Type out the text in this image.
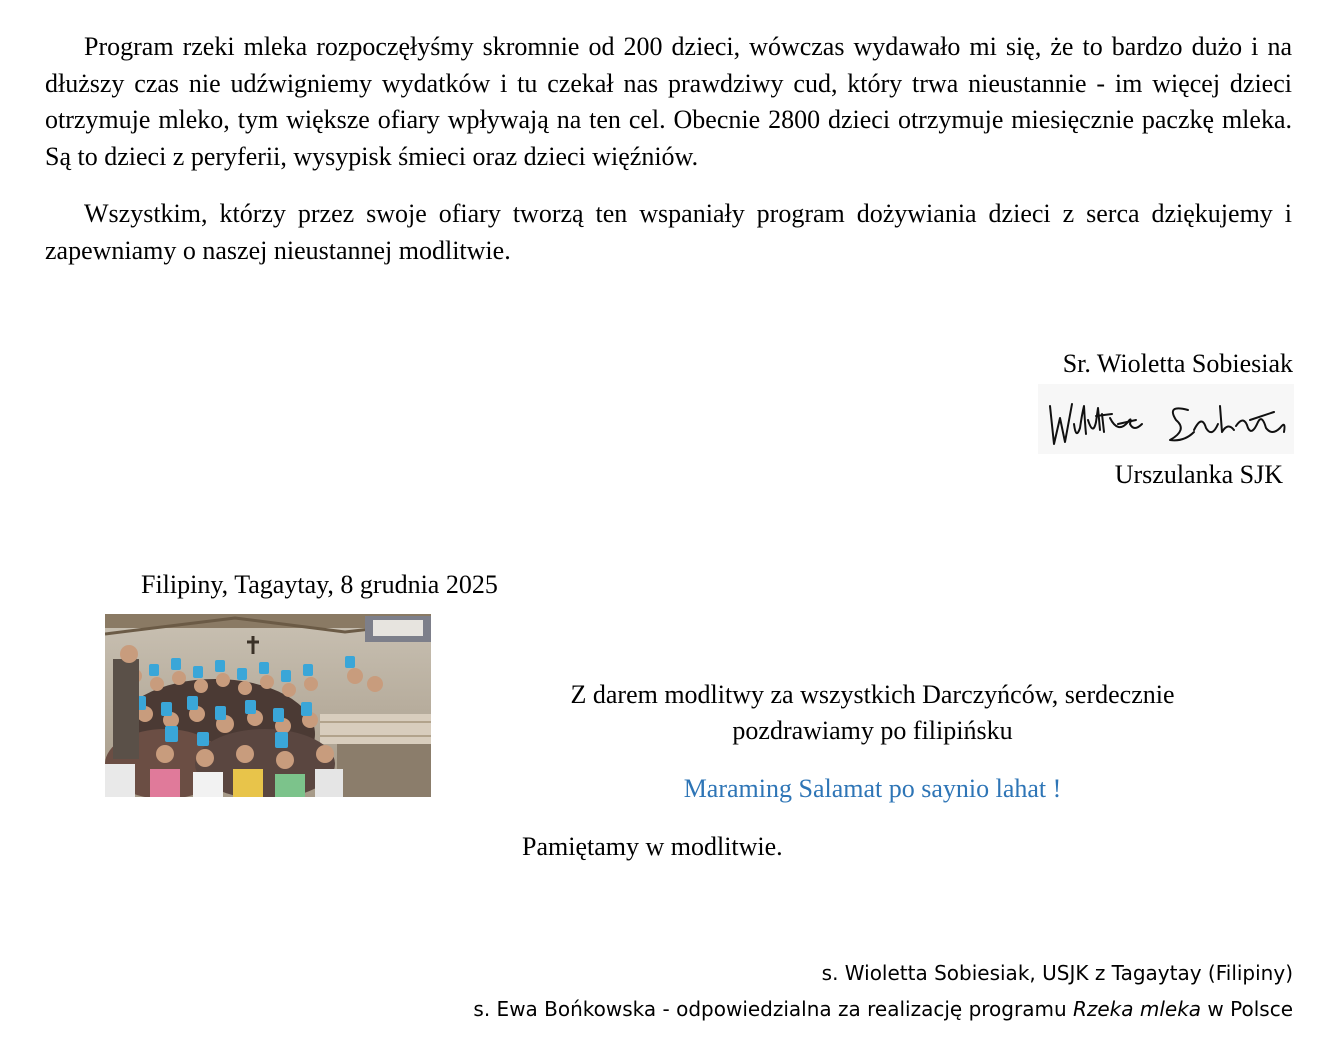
Program rzeki mleka rozpoczęłyśmy skromnie od 200 dzieci, wówczas wydawało mi się, że to bardzo dużo i na dłuższy czas nie udźwigniemy wydatków i tu czekał nas prawdziwy cud, który trwa nieustannie - im więcej dzieci otrzymuje mleko, tym większe ofiary wpływają na ten cel. Obecnie 2800 dzieci otrzymuje miesięcznie paczkę mleka. Są to dzieci z peryferii, wysypisk śmieci oraz dzieci więźniów.

Wszystkim, którzy przez swoje ofiary tworzą ten wspaniały program dożywiania dzieci z serca dziękujemy i zapewniamy o naszej nieustannej modlitwie.

Sr. Wioletta Sobiesiak
Urszulanka SJK
Filipiny, Tagaytay, 8 grudnia 2025
Z darem modlitwy za wszystkich Darczyńców, serdecznie
pozdrawiamy po filipińsku
Maraming Salamat po saynio lahat !
Pamiętamy w modlitwie.
s. Wioletta Sobiesiak, USJK z Tagaytay (Filipiny)
s. Ewa Bońkowska - odpowiedzialna za realizację programu Rzeka mleka w Polsce
